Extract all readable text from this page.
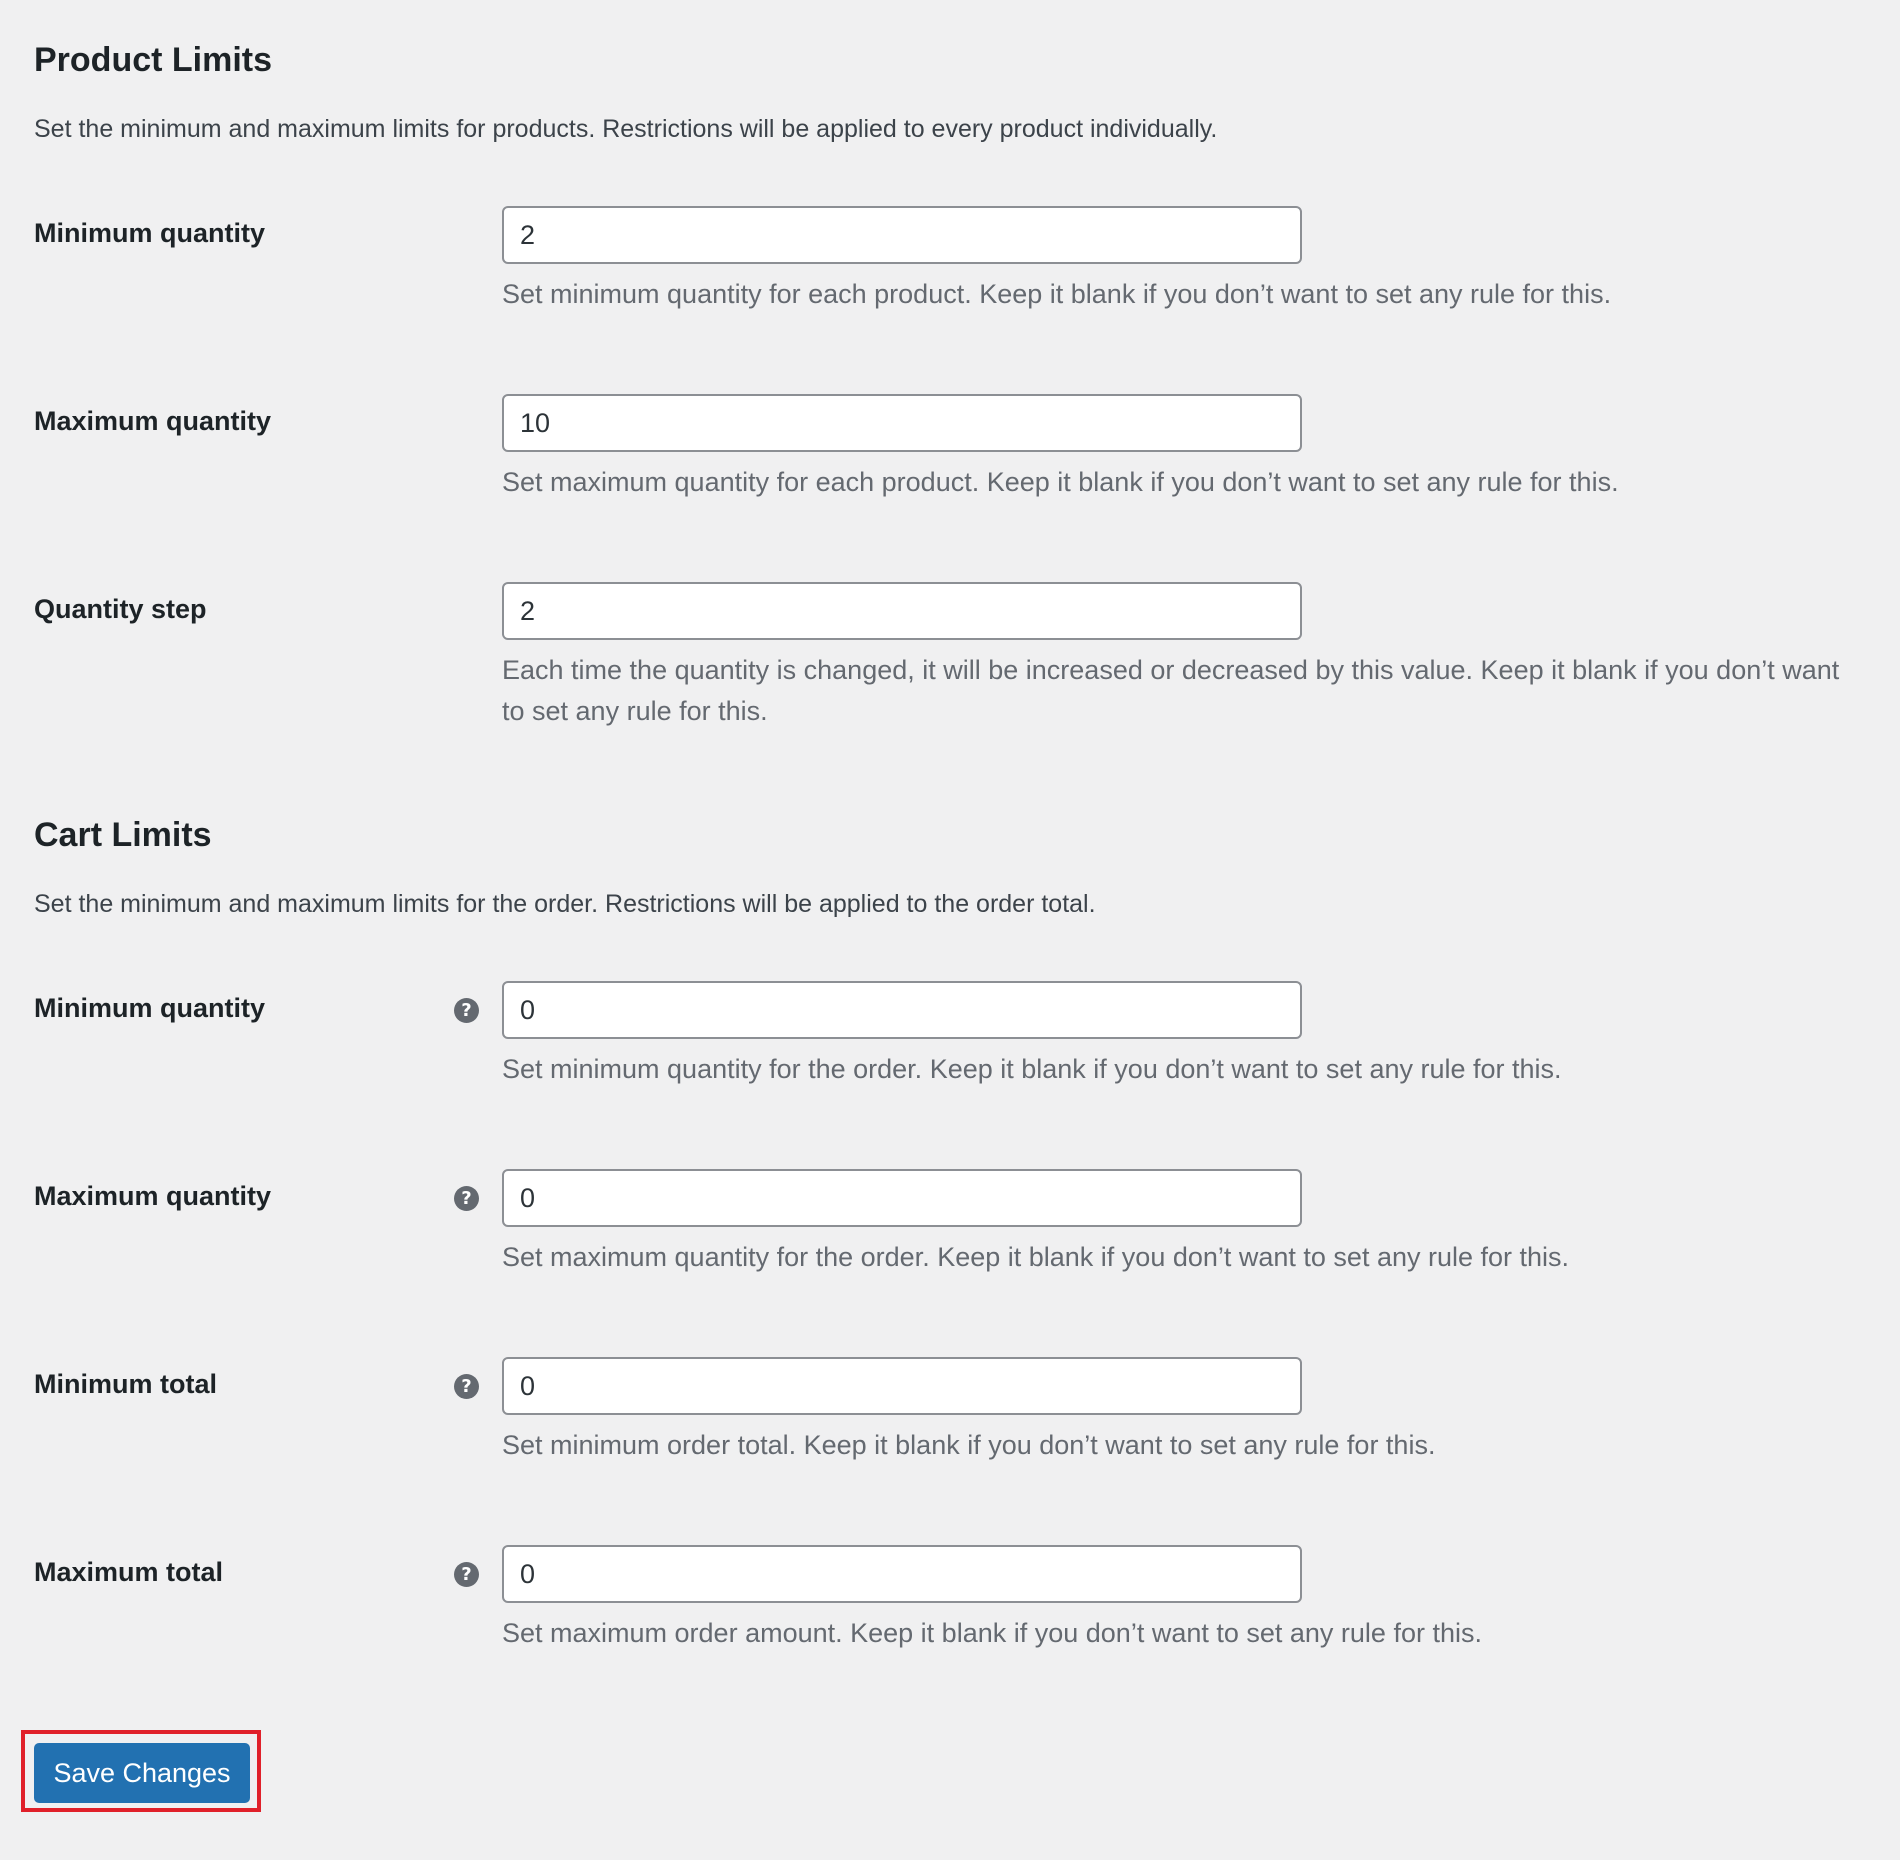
Product Limits
Set the minimum and maximum limits for products. Restrictions will be applied to every product individually.
Minimum quantity
2
Set minimum quantity for each product. Keep it blank if you don’t want to set any rule for this.
Maximum quantity
10
Set maximum quantity for each product. Keep it blank if you don’t want to set any rule for this.
Quantity step
2
Each time the quantity is changed, it will be increased or decreased by this value. Keep it blank if you don’t want to set any rule for this.
Cart Limits
Set the minimum and maximum limits for the order. Restrictions will be applied to the order total.
Minimum quantity	?
0
Set minimum quantity for the order. Keep it blank if you don’t want to set any rule for this.
Maximum quantity	?
0
Set maximum quantity for the order. Keep it blank if you don’t want to set any rule for this.
Minimum total	?
0
Set minimum order total. Keep it blank if you don’t want to set any rule for this.
Maximum total	?
0
Set maximum order amount. Keep it blank if you don’t want to set any rule for this.
Save Changes
